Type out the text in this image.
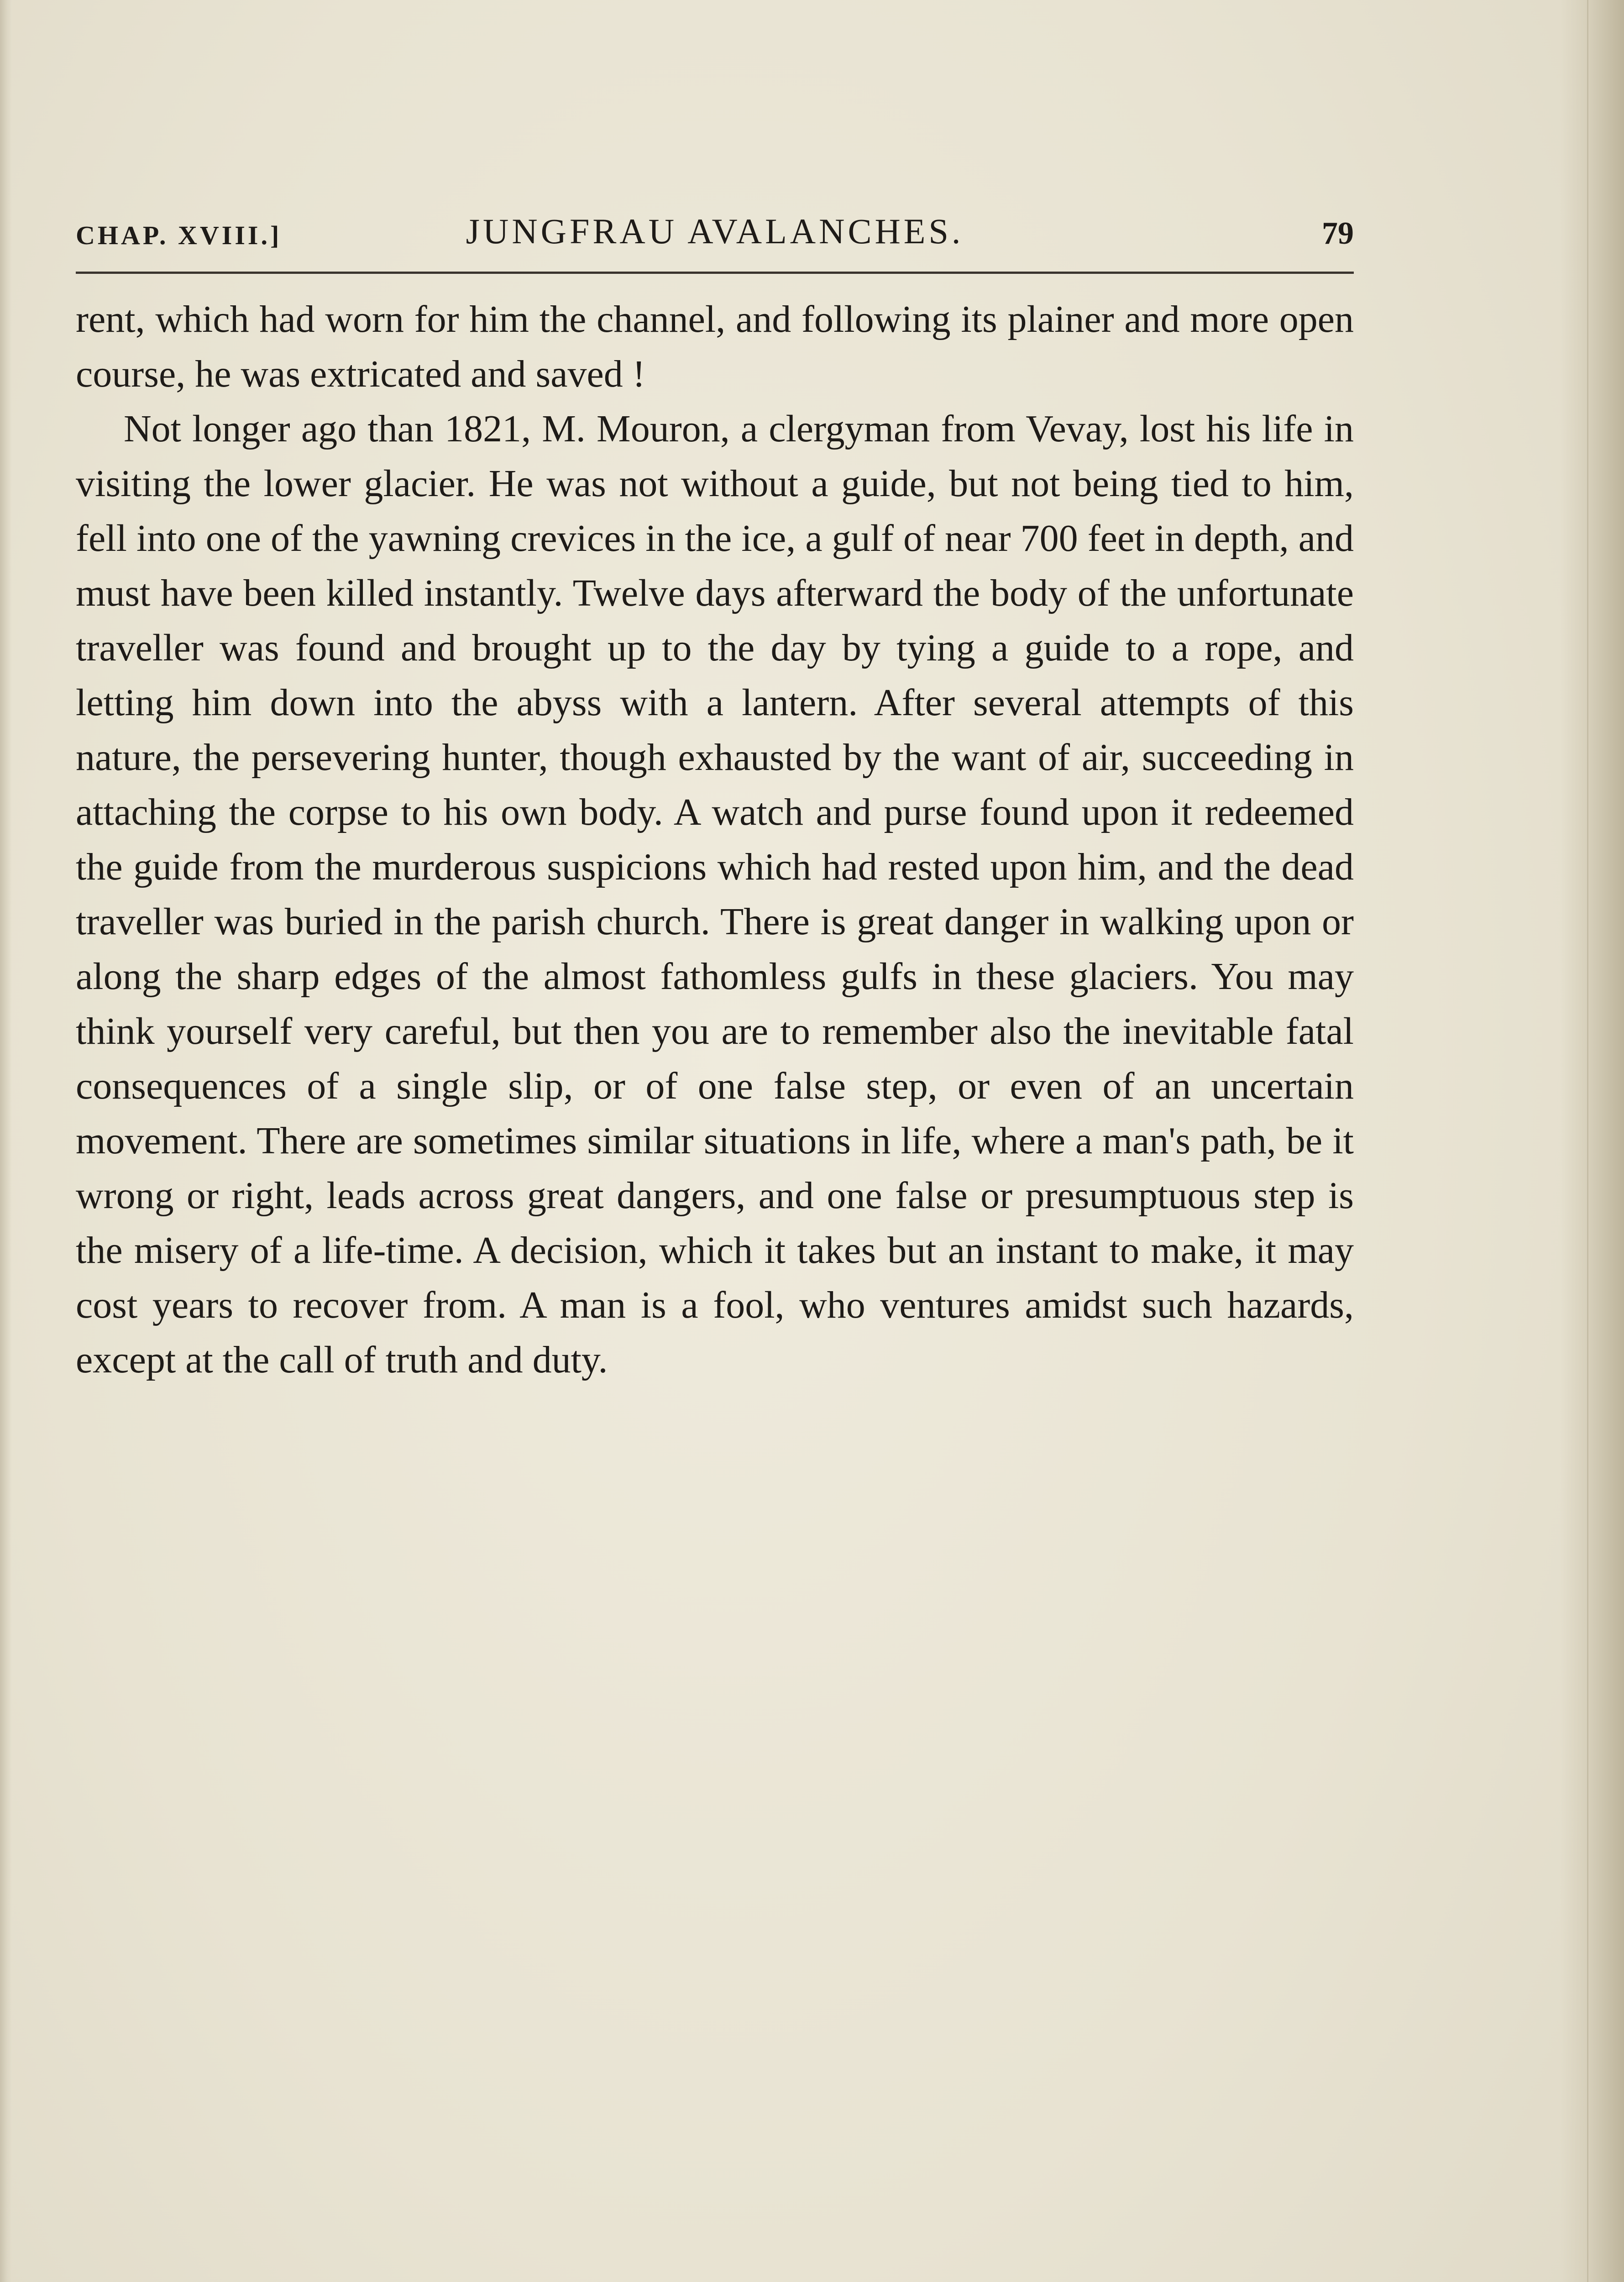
CHAP. XVIII.]	JUNGFRAU AVALANCHES.	79

rent, which had worn for him the channel, and following its plainer and more open course, he was extricated and saved !

Not longer ago than 1821, M. Mouron, a clergyman from Vevay, lost his life in visiting the lower glacier. He was not without a guide, but not being tied to him, fell into one of the yawning crevices in the ice, a gulf of near 700 feet in depth, and must have been killed instantly. Twelve days afterward the body of the unfortunate traveller was found and brought up to the day by tying a guide to a rope, and letting him down into the abyss with a lantern. After several attempts of this nature, the persevering hunter, though exhausted by the want of air, succeeding in attaching the corpse to his own body. A watch and purse found upon it redeemed the guide from the murderous suspicions which had rested upon him, and the dead traveller was buried in the parish church. There is great danger in walking upon or along the sharp edges of the almost fathomless gulfs in these glaciers. You may think yourself very careful, but then you are to remember also the inevitable fatal consequences of a single slip, or of one false step, or even of an uncertain movement. There are sometimes similar situations in life, where a man's path, be it wrong or right, leads across great dangers, and one false or presumptuous step is the misery of a life-time. A decision, which it takes but an instant to make, it may cost years to recover from. A man is a fool, who ventures amidst such hazards, except at the call of truth and duty.
